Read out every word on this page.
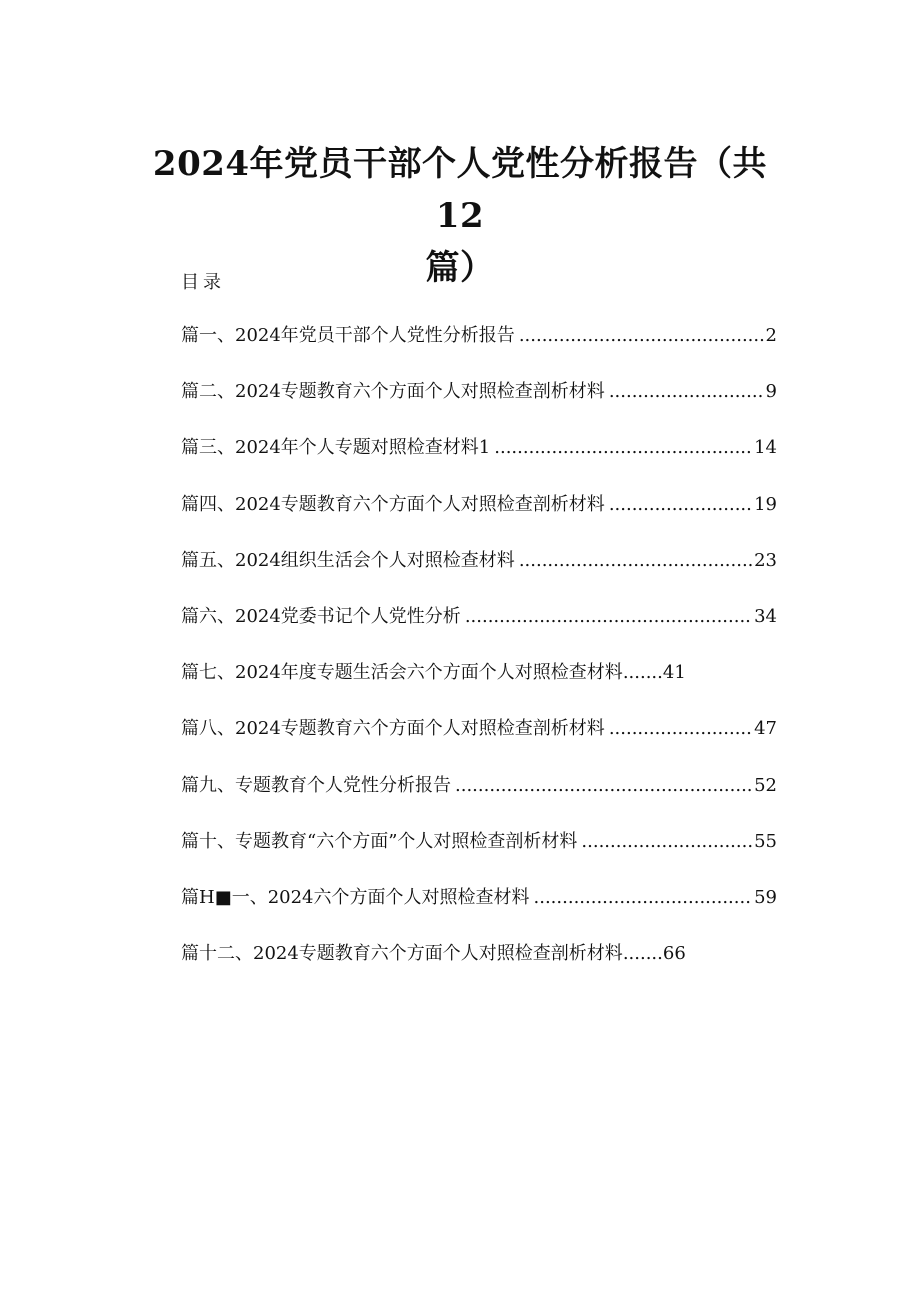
2024年党员干部个人党性分析报告（共12
篇）
目录
篇一、2024年党员干部个人党性分析报告 .....	2
篇二、2024专题教育六个方面个人对照检查剖析材料 .....	9
篇三、2024年个人专题对照检查材料1 .....	14
篇四、2024专题教育六个方面个人对照检查剖析材料 .....	19
篇五、2024组织生活会个人对照检查材料 .....	23
篇六、2024党委书记个人党性分析 .....	34
篇七、2024年度专题生活会六个方面个人对照检查材料 ....... 41
篇八、2024专题教育六个方面个人对照检查剖析材料 .....	47
篇九、专题教育个人党性分析报告 .....	52
篇十、专题教育“六个方面”个人对照检查剖析材料 .....	55
篇H■一、2024六个方面个人对照检查材料 .....	59
篇十二、2024专题教育六个方面个人对照检查剖析材料 ....... 66
